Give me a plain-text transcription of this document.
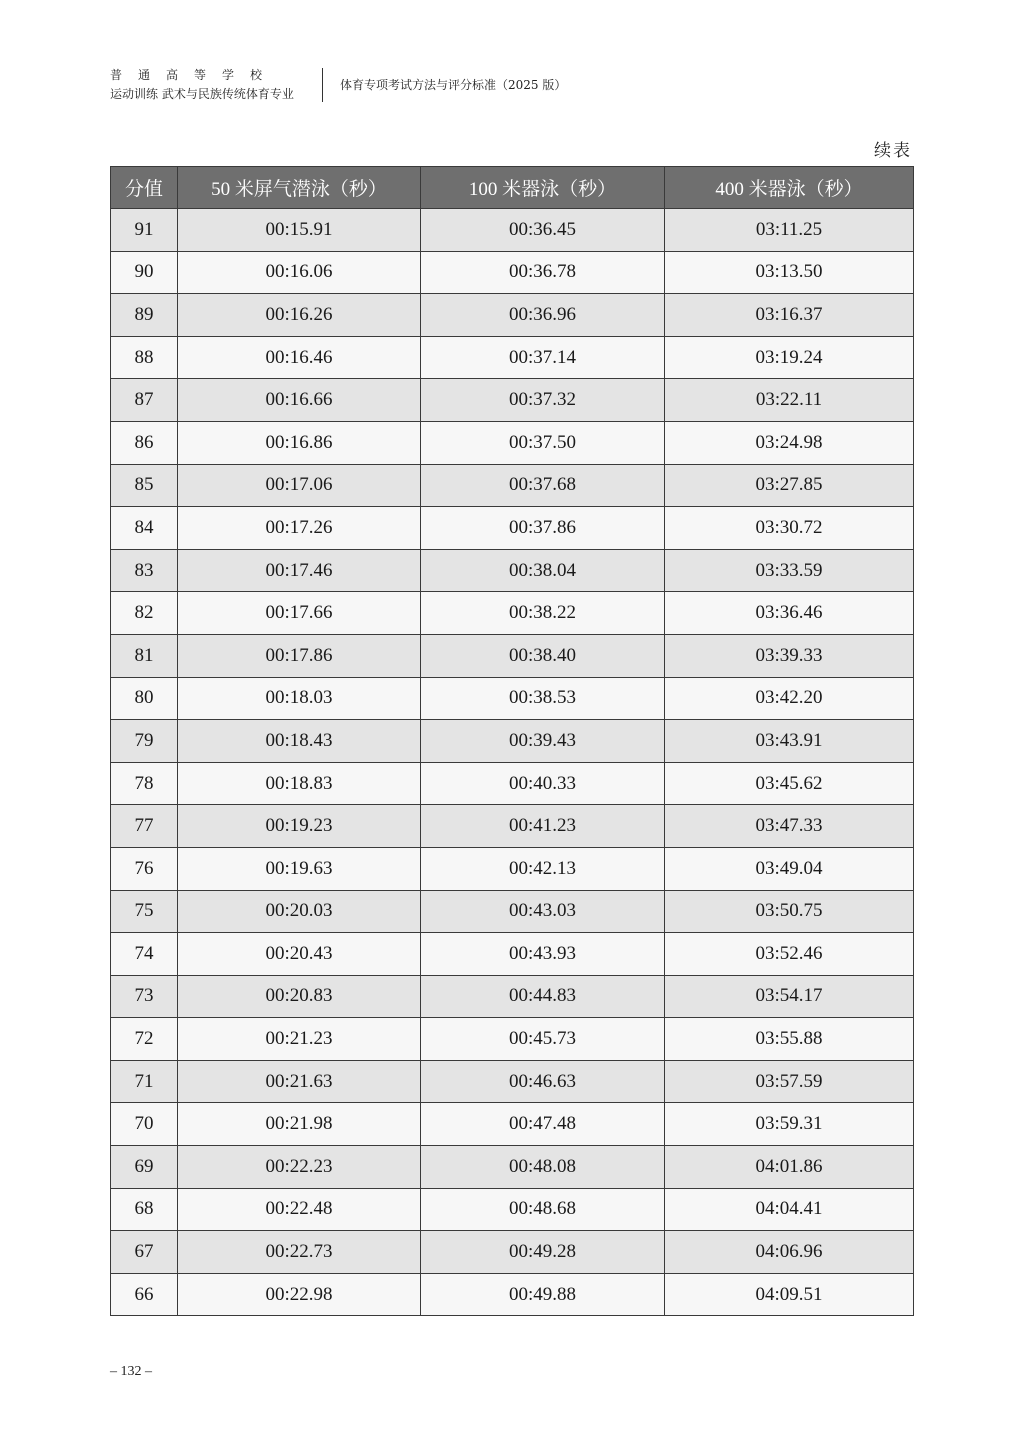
普通高等学校
运动训练 武术与民族传统体育专业
体育专项考试方法与评分标准（2025 版）
续表
分值	50 米屏气潜泳（秒）	100 米器泳（秒）	400 米器泳（秒）
91	00:15.91	00:36.45	03:11.25
90	00:16.06	00:36.78	03:13.50
89	00:16.26	00:36.96	03:16.37
88	00:16.46	00:37.14	03:19.24
87	00:16.66	00:37.32	03:22.11
86	00:16.86	00:37.50	03:24.98
85	00:17.06	00:37.68	03:27.85
84	00:17.26	00:37.86	03:30.72
83	00:17.46	00:38.04	03:33.59
82	00:17.66	00:38.22	03:36.46
81	00:17.86	00:38.40	03:39.33
80	00:18.03	00:38.53	03:42.20
79	00:18.43	00:39.43	03:43.91
78	00:18.83	00:40.33	03:45.62
77	00:19.23	00:41.23	03:47.33
76	00:19.63	00:42.13	03:49.04
75	00:20.03	00:43.03	03:50.75
74	00:20.43	00:43.93	03:52.46
73	00:20.83	00:44.83	03:54.17
72	00:21.23	00:45.73	03:55.88
71	00:21.63	00:46.63	03:57.59
70	00:21.98	00:47.48	03:59.31
69	00:22.23	00:48.08	04:01.86
68	00:22.48	00:48.68	04:04.41
67	00:22.73	00:49.28	04:06.96
66	00:22.98	00:49.88	04:09.51
– 132 –
